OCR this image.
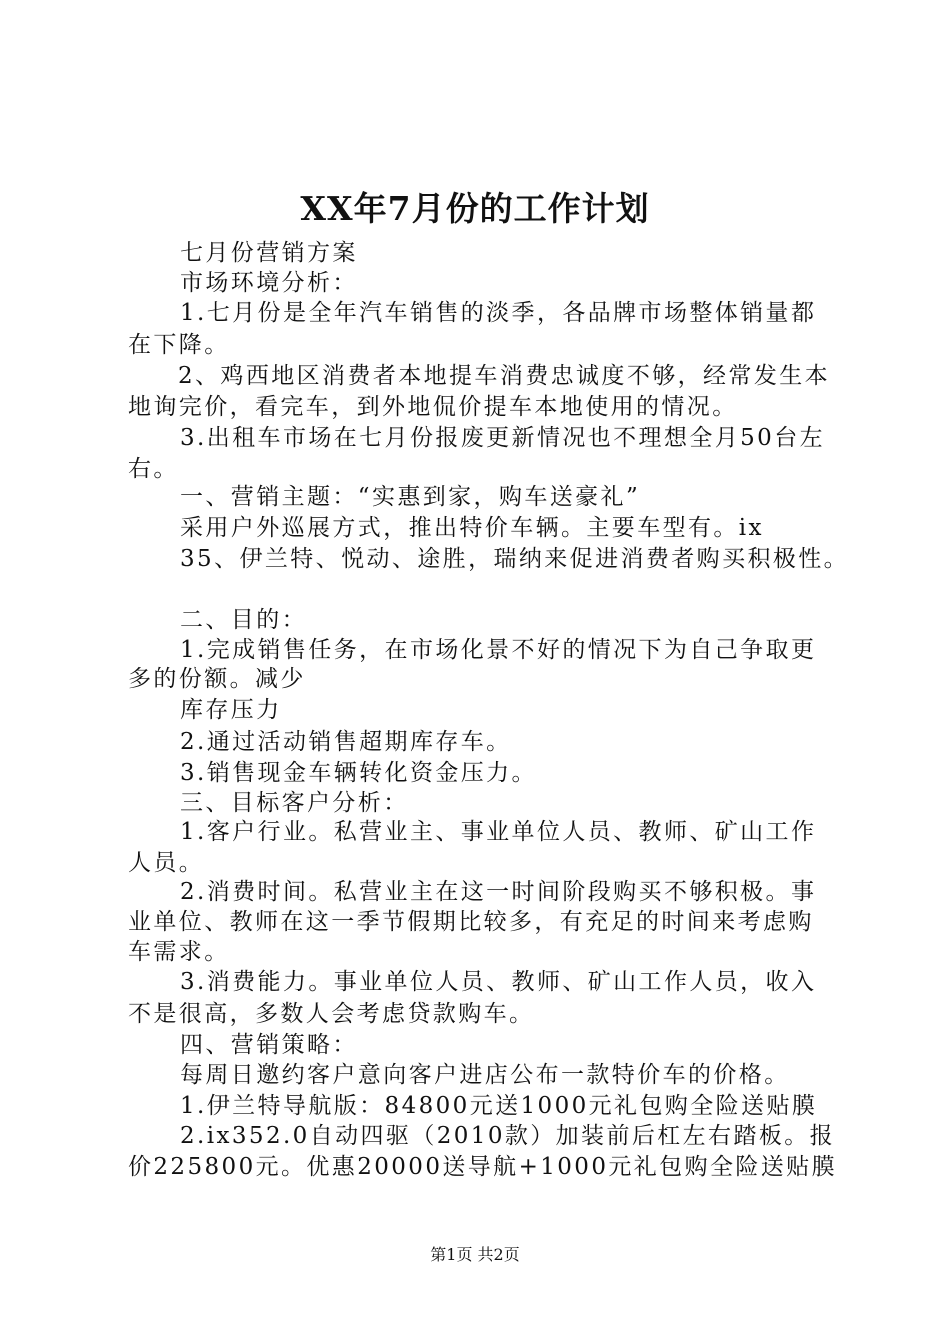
XX年7月份的工作计划
七月份营销方案
市场环境分析：
1.七月份是全年汽车销售的淡季，各品牌市场整体销量都
在下降。
2、鸡西地区消费者本地提车消费忠诚度不够，经常发生本
地询完价，看完车，到外地侃价提车本地使用的情况。
3.出租车市场在七月份报废更新情况也不理想全月50台左
右。
一、营销主题：“实惠到家，购车送豪礼”
采用户外巡展方式，推出特价车辆。主要车型有。ix
35、伊兰特、悦动、途胜，瑞纳来促进消费者购买积极性。
二、目的：
1.完成销售任务，在市场化景不好的情况下为自己争取更
多的份额。减少
库存压力
2.通过活动销售超期库存车。
3.销售现金车辆转化资金压力。
三、目标客户分析：
1.客户行业。私营业主、事业单位人员、教师、矿山工作
人员。
2.消费时间。私营业主在这一时间阶段购买不够积极。事
业单位、教师在这一季节假期比较多，有充足的时间来考虑购
车需求。
3.消费能力。事业单位人员、教师、矿山工作人员，收入
不是很高，多数人会考虑贷款购车。
四、营销策略：
每周日邀约客户意向客户进店公布一款特价车的价格。
1.伊兰特导航版：84800元送1000元礼包购全险送贴膜
2.ix352.0自动四驱（2010款）加装前后杠左右踏板。报
价225800元。优惠20000送导航+1000元礼包购全险送贴膜
第1页 共2页
